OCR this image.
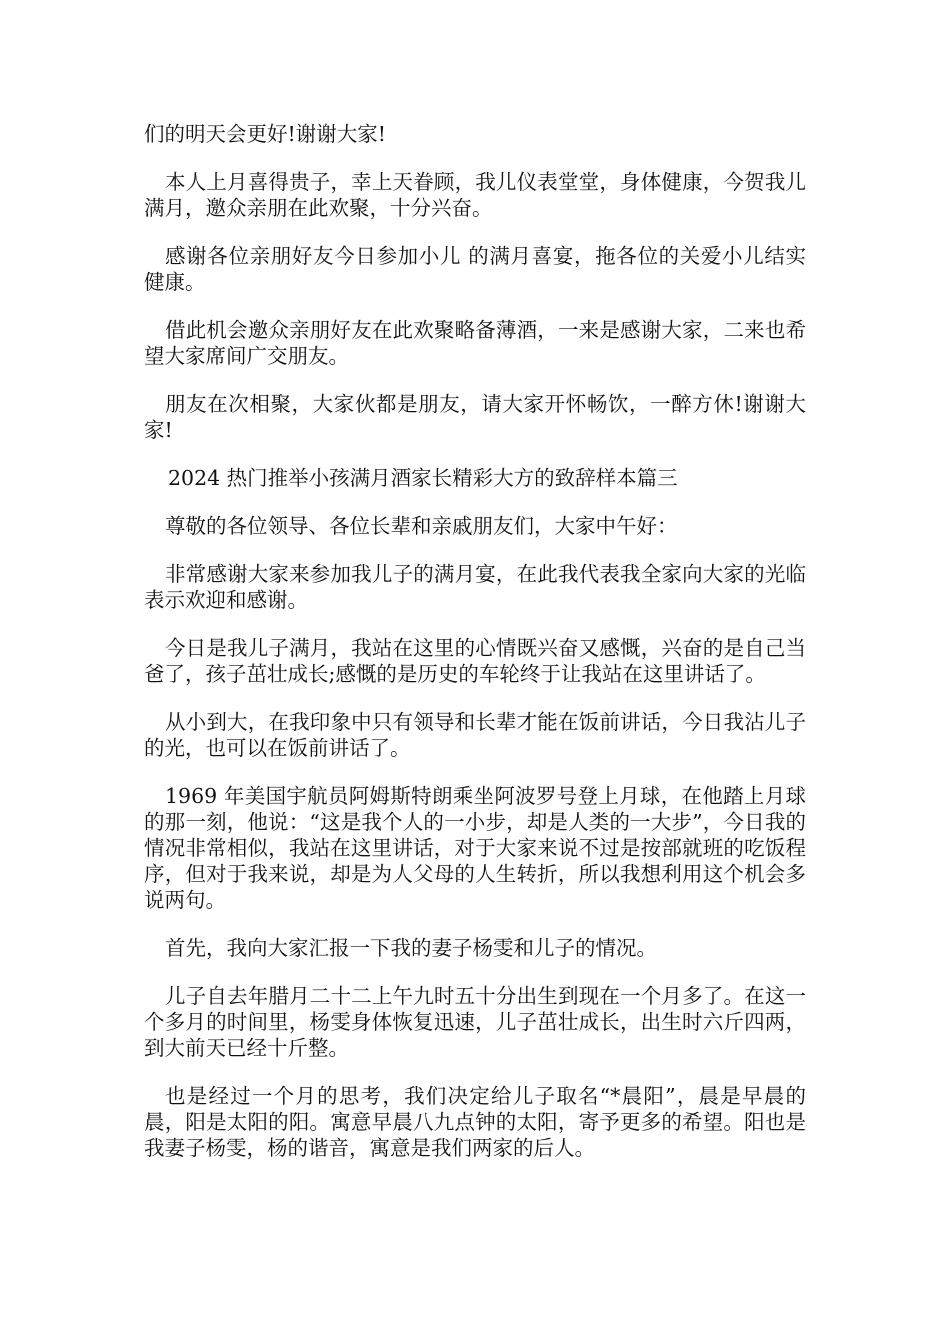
们的明天会更好!谢谢大家!

本人上月喜得贵子，幸上天眷顾，我儿仪表堂堂，身体健康，今贺我儿满月，邀众亲朋在此欢聚，十分兴奋。

感谢各位亲朋好友今日参加小儿 的满月喜宴，拖各位的关爱小儿结实健康。

借此机会邀众亲朋好友在此欢聚略备薄酒，一来是感谢大家，二来也希望大家席间广交朋友。

朋友在次相聚，大家伙都是朋友，请大家开怀畅饮，一醉方休!谢谢大家!

2024 热门推举小孩满月酒家长精彩大方的致辞样本篇三

尊敬的各位领导、各位长辈和亲戚朋友们，大家中午好：

非常感谢大家来参加我儿子的满月宴，在此我代表我全家向大家的光临表示欢迎和感谢。

今日是我儿子满月，我站在这里的心情既兴奋又感慨，兴奋的是自己当爸了，孩子茁壮成长;感慨的是历史的车轮终于让我站在这里讲话了。

从小到大，在我印象中只有领导和长辈才能在饭前讲话，今日我沾儿子的光，也可以在饭前讲话了。

1969 年美国宇航员阿姆斯特朗乘坐阿波罗号登上月球，在他踏上月球的那一刻，他说：“这是我个人的一小步，却是人类的一大步”，今日我的情况非常相似，我站在这里讲话，对于大家来说不过是按部就班的吃饭程序，但对于我来说，却是为人父母的人生转折，所以我想利用这个机会多说两句。

首先，我向大家汇报一下我的妻子杨雯和儿子的情况。

儿子自去年腊月二十二上午九时五十分出生到现在一个月多了。在这一个多月的时间里，杨雯身体恢复迅速，儿子茁壮成长，出生时六斤四两，到大前天已经十斤整。

也是经过一个月的思考，我们决定给儿子取名“*晨阳”，晨是早晨的晨，阳是太阳的阳。寓意早晨八九点钟的太阳，寄予更多的希望。阳也是我妻子杨雯，杨的谐音，寓意是我们两家的后人。
